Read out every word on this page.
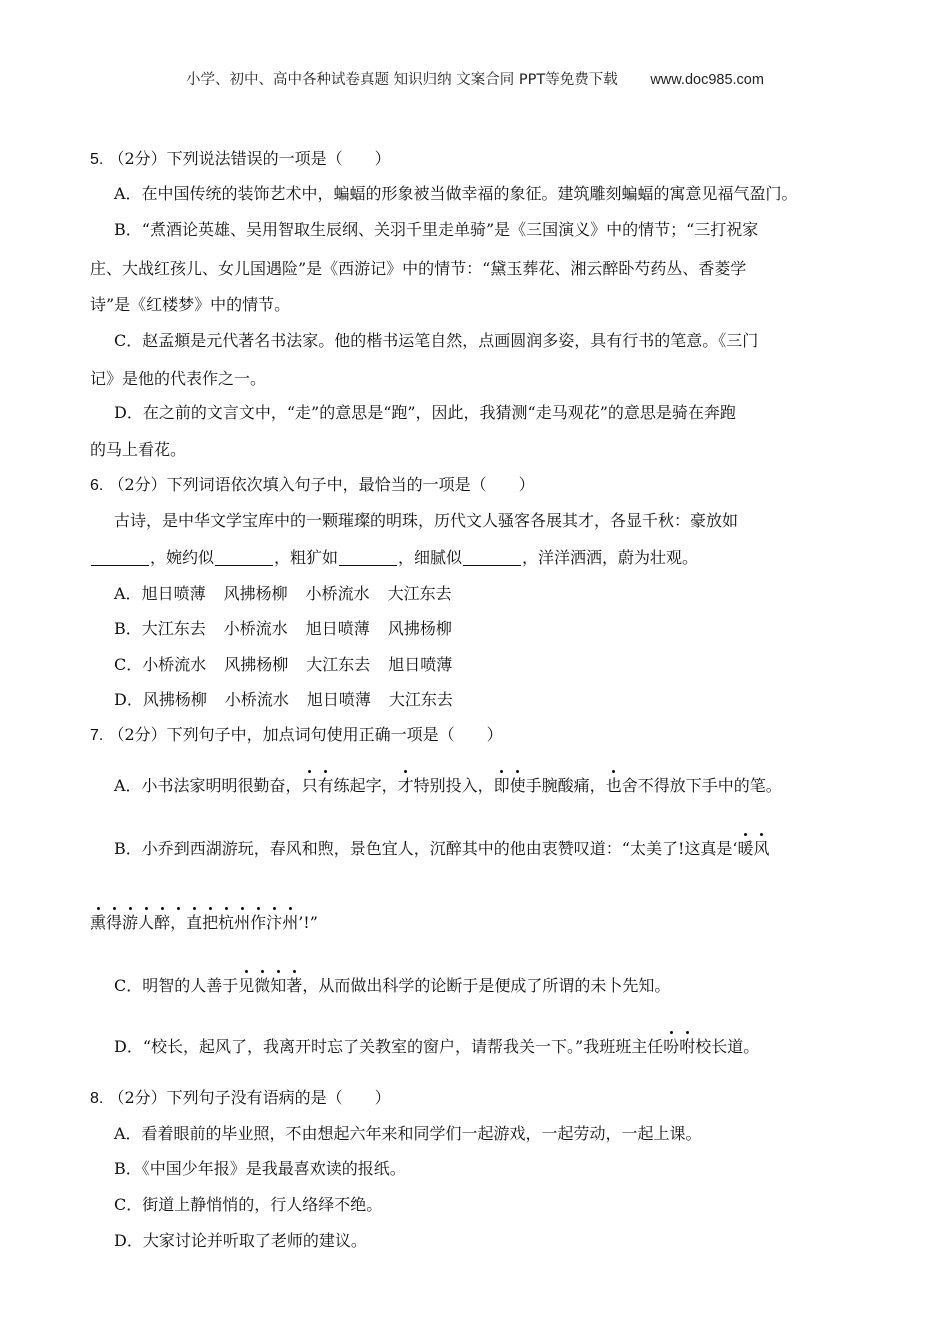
小学、初中、高中各种试卷真题 知识归纳 文案合同 PPT等免费下载 www.doc985.com
5. （2分）下列说法错误的一项是（　　）
A．在中国传统的装饰艺术中，蝙蝠的形象被当做幸福的象征。建筑雕刻蝙蝠的寓意见福气盈门。
B．“煮酒论英雄、吴用智取生辰纲、关羽千里走单骑”是《三国演义》中的情节；“三打祝家
庄、大战红孩儿、女儿国遇险”是《西游记》中的情节：“黛玉葬花、湘云醉卧芍药丛、香菱学
诗”是《红楼梦》中的情节。
C．赵孟頫是元代著名书法家。他的楷书运笔自然，点画圆润多姿，具有行书的笔意。《三门
记》是他的代表作之一。
D．在之前的文言文中，“走”的意思是“跑”，因此，我猜测“走马观花”的意思是骑在奔跑
的马上看花。
6. （2分）下列词语依次填入句子中，最恰当的一项是（　　）
古诗，是中华文学宝库中的一颗璀璨的明珠，历代文人骚客各展其才，各显千秋：豪放如
，婉约似	，粗犷如	，细腻似	，洋洋洒洒，蔚为壮观。
A．旭日喷薄 风拂杨柳 小桥流水 大江东去
B．大江东去 小桥流水 旭日喷薄 风拂杨柳
C．小桥流水 风拂杨柳 大江东去 旭日喷薄
D．风拂杨柳 小桥流水 旭日喷薄 大江东去
7. （2分）下列句子中，加点词句使用正确一项是（　　）
A．小书法家明明很勤奋，只有练起字，才特别投入，即使手腕酸痛，也舍不得放下手中的笔。
B．小乔到西湖游玩，春风和煦，景色宜人，沉醉其中的他由衷赞叹道：“太美了!这真是‘暖风
熏得游人醉，直把杭州作汴州’!”
C．明智的人善于见微知著，从而做出科学的论断于是便成了所谓的未卜先知。
D．“校长，起风了，我离开时忘了关教室的窗户，请帮我关一下。”我班班主任吩咐校长道。
8. （2分）下列句子没有语病的是（　　）
A．看着眼前的毕业照，不由想起六年来和同学们一起游戏，一起劳动，一起上课。
B．《中国少年报》是我最喜欢读的报纸。
C．街道上静悄悄的，行人络绎不绝。
D．大家讨论并听取了老师的建议。
